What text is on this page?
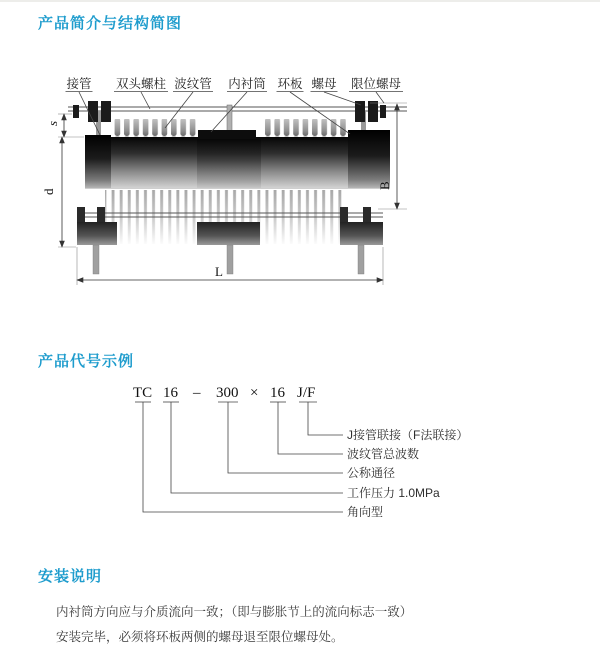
产品简介与结构简图
L
d
s
B
接管 双头螺柱 波纹管 内衬筒 环板 螺母 限位螺母
产品代号示例
TC 16 – 300 × 16 J/F
J接管联接（F法联接）
波纹管总波数
公称通径
工作压力 1.0MPa
角向型
安装说明
内衬筒方向应与介质流向一致；（即与膨胀节上的流向标志一致）
安装完毕，必须将环板两侧的螺母退至限位螺母处。
